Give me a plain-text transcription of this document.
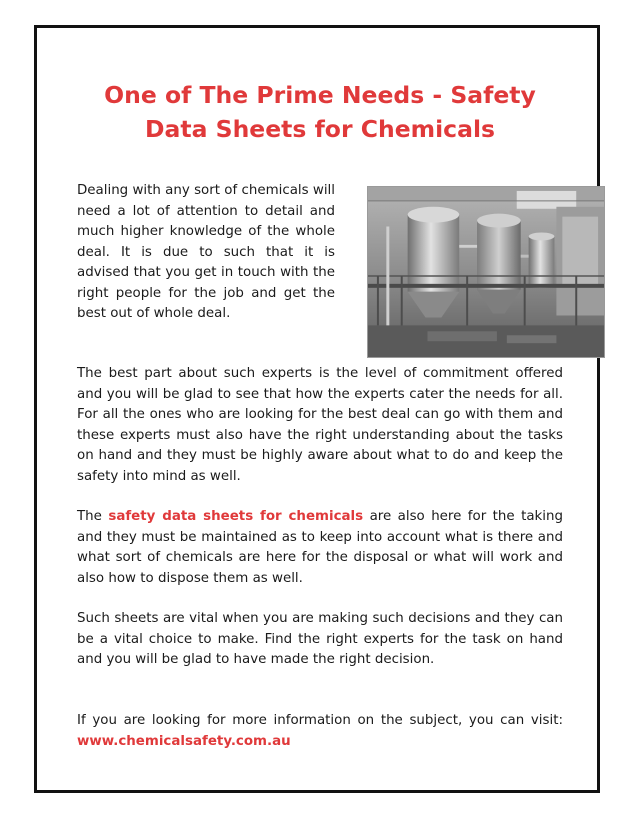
One of The Prime Needs - Safety Data Sheets for Chemicals

Dealing with any sort of chemicals will need a lot of attention to detail and much higher knowledge of the whole deal. It is due to such that it is advised that you get in touch with the right people for the job and get the best out of whole deal.

The best part about such experts is the level of commitment offered and you will be glad to see that how the experts cater the needs for all. For all the ones who are looking for the best deal can go with them and these experts must also have the right understanding about the tasks on hand and they must be highly aware about what to do and keep the safety into mind as well.

The safety data sheets for chemicals are also here for the taking and they must be maintained as to keep into account what is there and what sort of chemicals are here for the disposal or what will work and also how to dispose them as well.

Such sheets are vital when you are making such decisions and they can be a vital choice to make. Find the right experts for the task on hand and you will be glad to have made the right decision.

If you are looking for more information on the subject, you can visit: www.chemicalsafety.com.au
